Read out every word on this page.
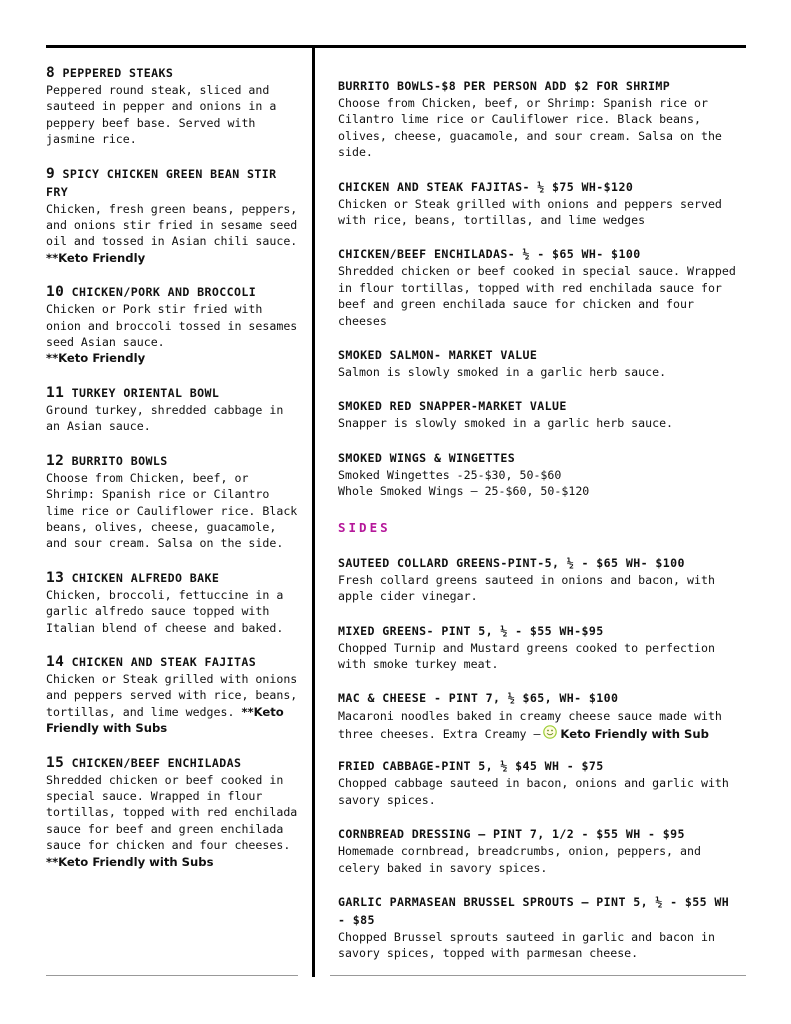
8 PEPPERED STEAKS
Peppered round steak, sliced and sauteed in pepper and onions in a peppery beef base. Served with jasmine rice.
9 SPICY CHICKEN GREEN BEAN STIR FRY
Chicken, fresh green beans, peppers, and onions stir fried in sesame seed oil and tossed in Asian chili sauce. **Keto Friendly
10 CHICKEN/PORK AND BROCCOLI
Chicken or Pork stir fried with onion and broccoli tossed in sesames seed Asian sauce.
**Keto Friendly
11 TURKEY ORIENTAL BOWL
Ground turkey, shredded cabbage in an Asian sauce.
12 BURRITO BOWLS
Choose from Chicken, beef, or Shrimp: Spanish rice or Cilantro lime rice or Cauliflower rice. Black beans, olives, cheese, guacamole, and sour cream. Salsa on the side.
13 CHICKEN ALFREDO BAKE
Chicken, broccoli, fettuccine in a garlic alfredo sauce topped with Italian blend of cheese and baked.
14 CHICKEN AND STEAK FAJITAS
Chicken or Steak grilled with onions and peppers served with rice, beans, tortillas, and lime wedges. **Keto Friendly with Subs
15 CHICKEN/BEEF ENCHILADAS
Shredded chicken or beef cooked in special sauce. Wrapped in flour tortillas, topped with red enchilada sauce for beef and green enchilada sauce for chicken and four cheeses. **Keto Friendly with Subs
BURRITO BOWLS-$8 PER PERSON ADD $2 FOR SHRIMP
Choose from Chicken, beef, or Shrimp: Spanish rice or Cilantro lime rice or Cauliflower rice. Black beans, olives, cheese, guacamole, and sour cream. Salsa on the side.
CHICKEN AND STEAK FAJITAS- ½ $75 WH-$120
Chicken or Steak grilled with onions and peppers served with rice, beans, tortillas, and lime wedges
CHICKEN/BEEF ENCHILADAS- ½ - $65 WH- $100
Shredded chicken or beef cooked in special sauce. Wrapped in flour tortillas, topped with red enchilada sauce for beef and green enchilada sauce for chicken and four cheeses
SMOKED SALMON- MARKET VALUE
Salmon is slowly smoked in a garlic herb sauce.
SMOKED RED SNAPPER-MARKET VALUE
Snapper is slowly smoked in a garlic herb sauce.
SMOKED WINGS & WINGETTES
Smoked Wingettes -25-$30, 50-$60
Whole Smoked Wings – 25-$60, 50-$120
SIDES
SAUTEED COLLARD GREENS-PINT-5, ½ - $65 WH- $100
Fresh collard greens sauteed in onions and bacon, with apple cider vinegar.
MIXED GREENS- PINT 5, ½ - $55 WH-$95
Chopped Turnip and Mustard greens cooked to perfection with smoke turkey meat.
MAC & CHEESE - PINT 7, ½ $65, WH- $100
Macaroni noodles baked in creamy cheese sauce made with three cheeses. Extra Creamy – Keto Friendly with Sub
FRIED CABBAGE-PINT 5, ½ $45 WH - $75
Chopped cabbage sauteed in bacon, onions and garlic with savory spices.
CORNBREAD DRESSING – PINT 7, 1/2 - $55 WH - $95
Homemade cornbread, breadcrumbs, onion, peppers, and celery baked in savory spices.
GARLIC PARMASEAN BRUSSEL SPROUTS – PINT 5, ½ - $55 WH - $85
Chopped Brussel sprouts sauteed in garlic and bacon in savory spices, topped with parmesan cheese.
